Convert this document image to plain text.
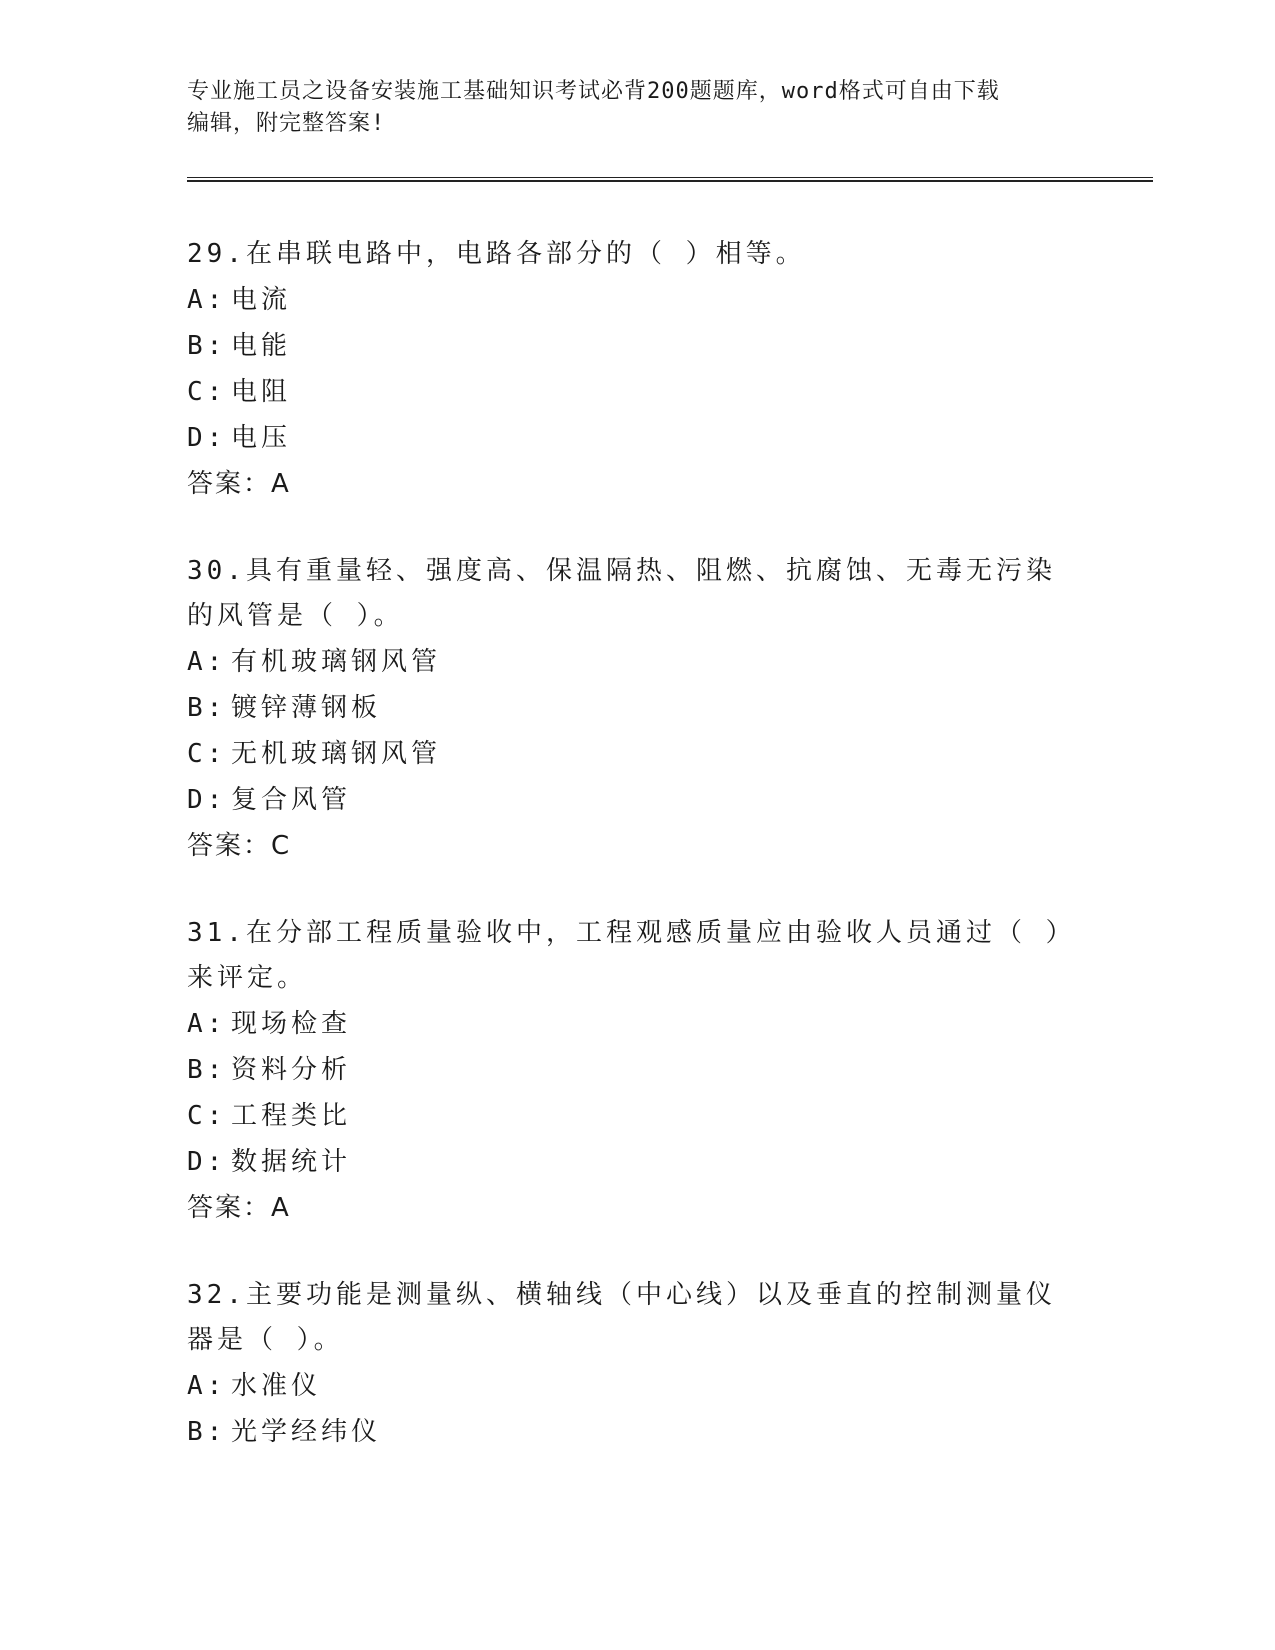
专业施工员之设备安装施工基础知识考试必背200题题库，word格式可自由下载
编辑，附完整答案!
29.在串联电路中，电路各部分的（ ）相等。
A: 电流
B: 电能
C: 电阻
D: 电压
答案：A
30.具有重量轻、强度高、保温隔热、阻燃、抗腐蚀、无毒无污染的风管是（ ）。
A: 有机玻璃钢风管
B: 镀锌薄钢板
C: 无机玻璃钢风管
D: 复合风管
答案：C
31.在分部工程质量验收中，工程观感质量应由验收人员通过（ ）来评定。
A: 现场检查
B: 资料分析
C: 工程类比
D: 数据统计
答案：A
32.主要功能是测量纵、横轴线（中心线）以及垂直的控制测量仪器是（ ）。
A: 水准仪
B: 光学经纬仪
